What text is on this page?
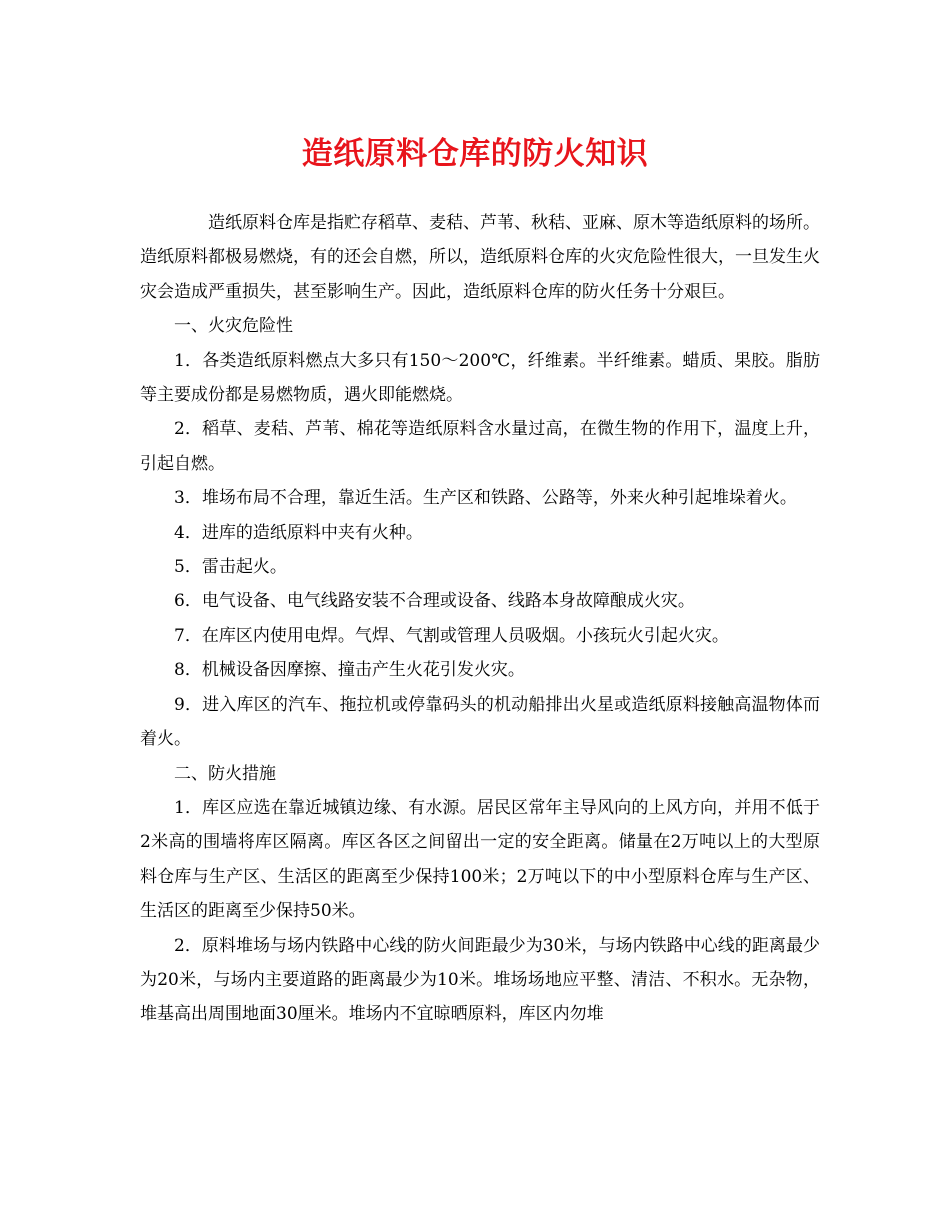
造纸原料仓库的防火知识

造纸原料仓库是指贮存稻草、麦秸、芦苇、秋秸、亚麻、原木等造纸原料的场所。造纸原料都极易燃烧，有的还会自燃，所以，造纸原料仓库的火灾危险性很大，一旦发生火灾会造成严重损失，甚至影响生产。因此，造纸原料仓库的防火任务十分艰巨。

一、火灾危险性

1．各类造纸原料燃点大多只有150～200℃，纤维素。半纤维素。蜡质、果胶。脂肪等主要成份都是易燃物质，遇火即能燃烧。

2．稻草、麦秸、芦苇、棉花等造纸原料含水量过高，在微生物的作用下，温度上升，引起自燃。

3．堆场布局不合理，靠近生活。生产区和铁路、公路等，外来火种引起堆垛着火。

4．进库的造纸原料中夹有火种。

5．雷击起火。

6．电气设备、电气线路安装不合理或设备、线路本身故障酿成火灾。

7．在库区内使用电焊。气焊、气割或管理人员吸烟。小孩玩火引起火灾。

8．机械设备因摩擦、撞击产生火花引发火灾。

9．进入库区的汽车、拖拉机或停靠码头的机动船排出火星或造纸原料接触高温物体而着火。

二、防火措施

1．库区应选在靠近城镇边缘、有水源。居民区常年主导风向的上风方向，并用不低于2米高的围墙将库区隔离。库区各区之间留出一定的安全距离。储量在2万吨以上的大型原料仓库与生产区、生活区的距离至少保持100米；2万吨以下的中小型原料仓库与生产区、生活区的距离至少保持50米。

2．原料堆场与场内铁路中心线的防火间距最少为30米，与场内铁路中心线的距离最少为20米，与场内主要道路的距离最少为10米。堆场场地应平整、清洁、不积水。无杂物，堆基高出周围地面30厘米。堆场内不宜晾晒原料，库区内勿堆
